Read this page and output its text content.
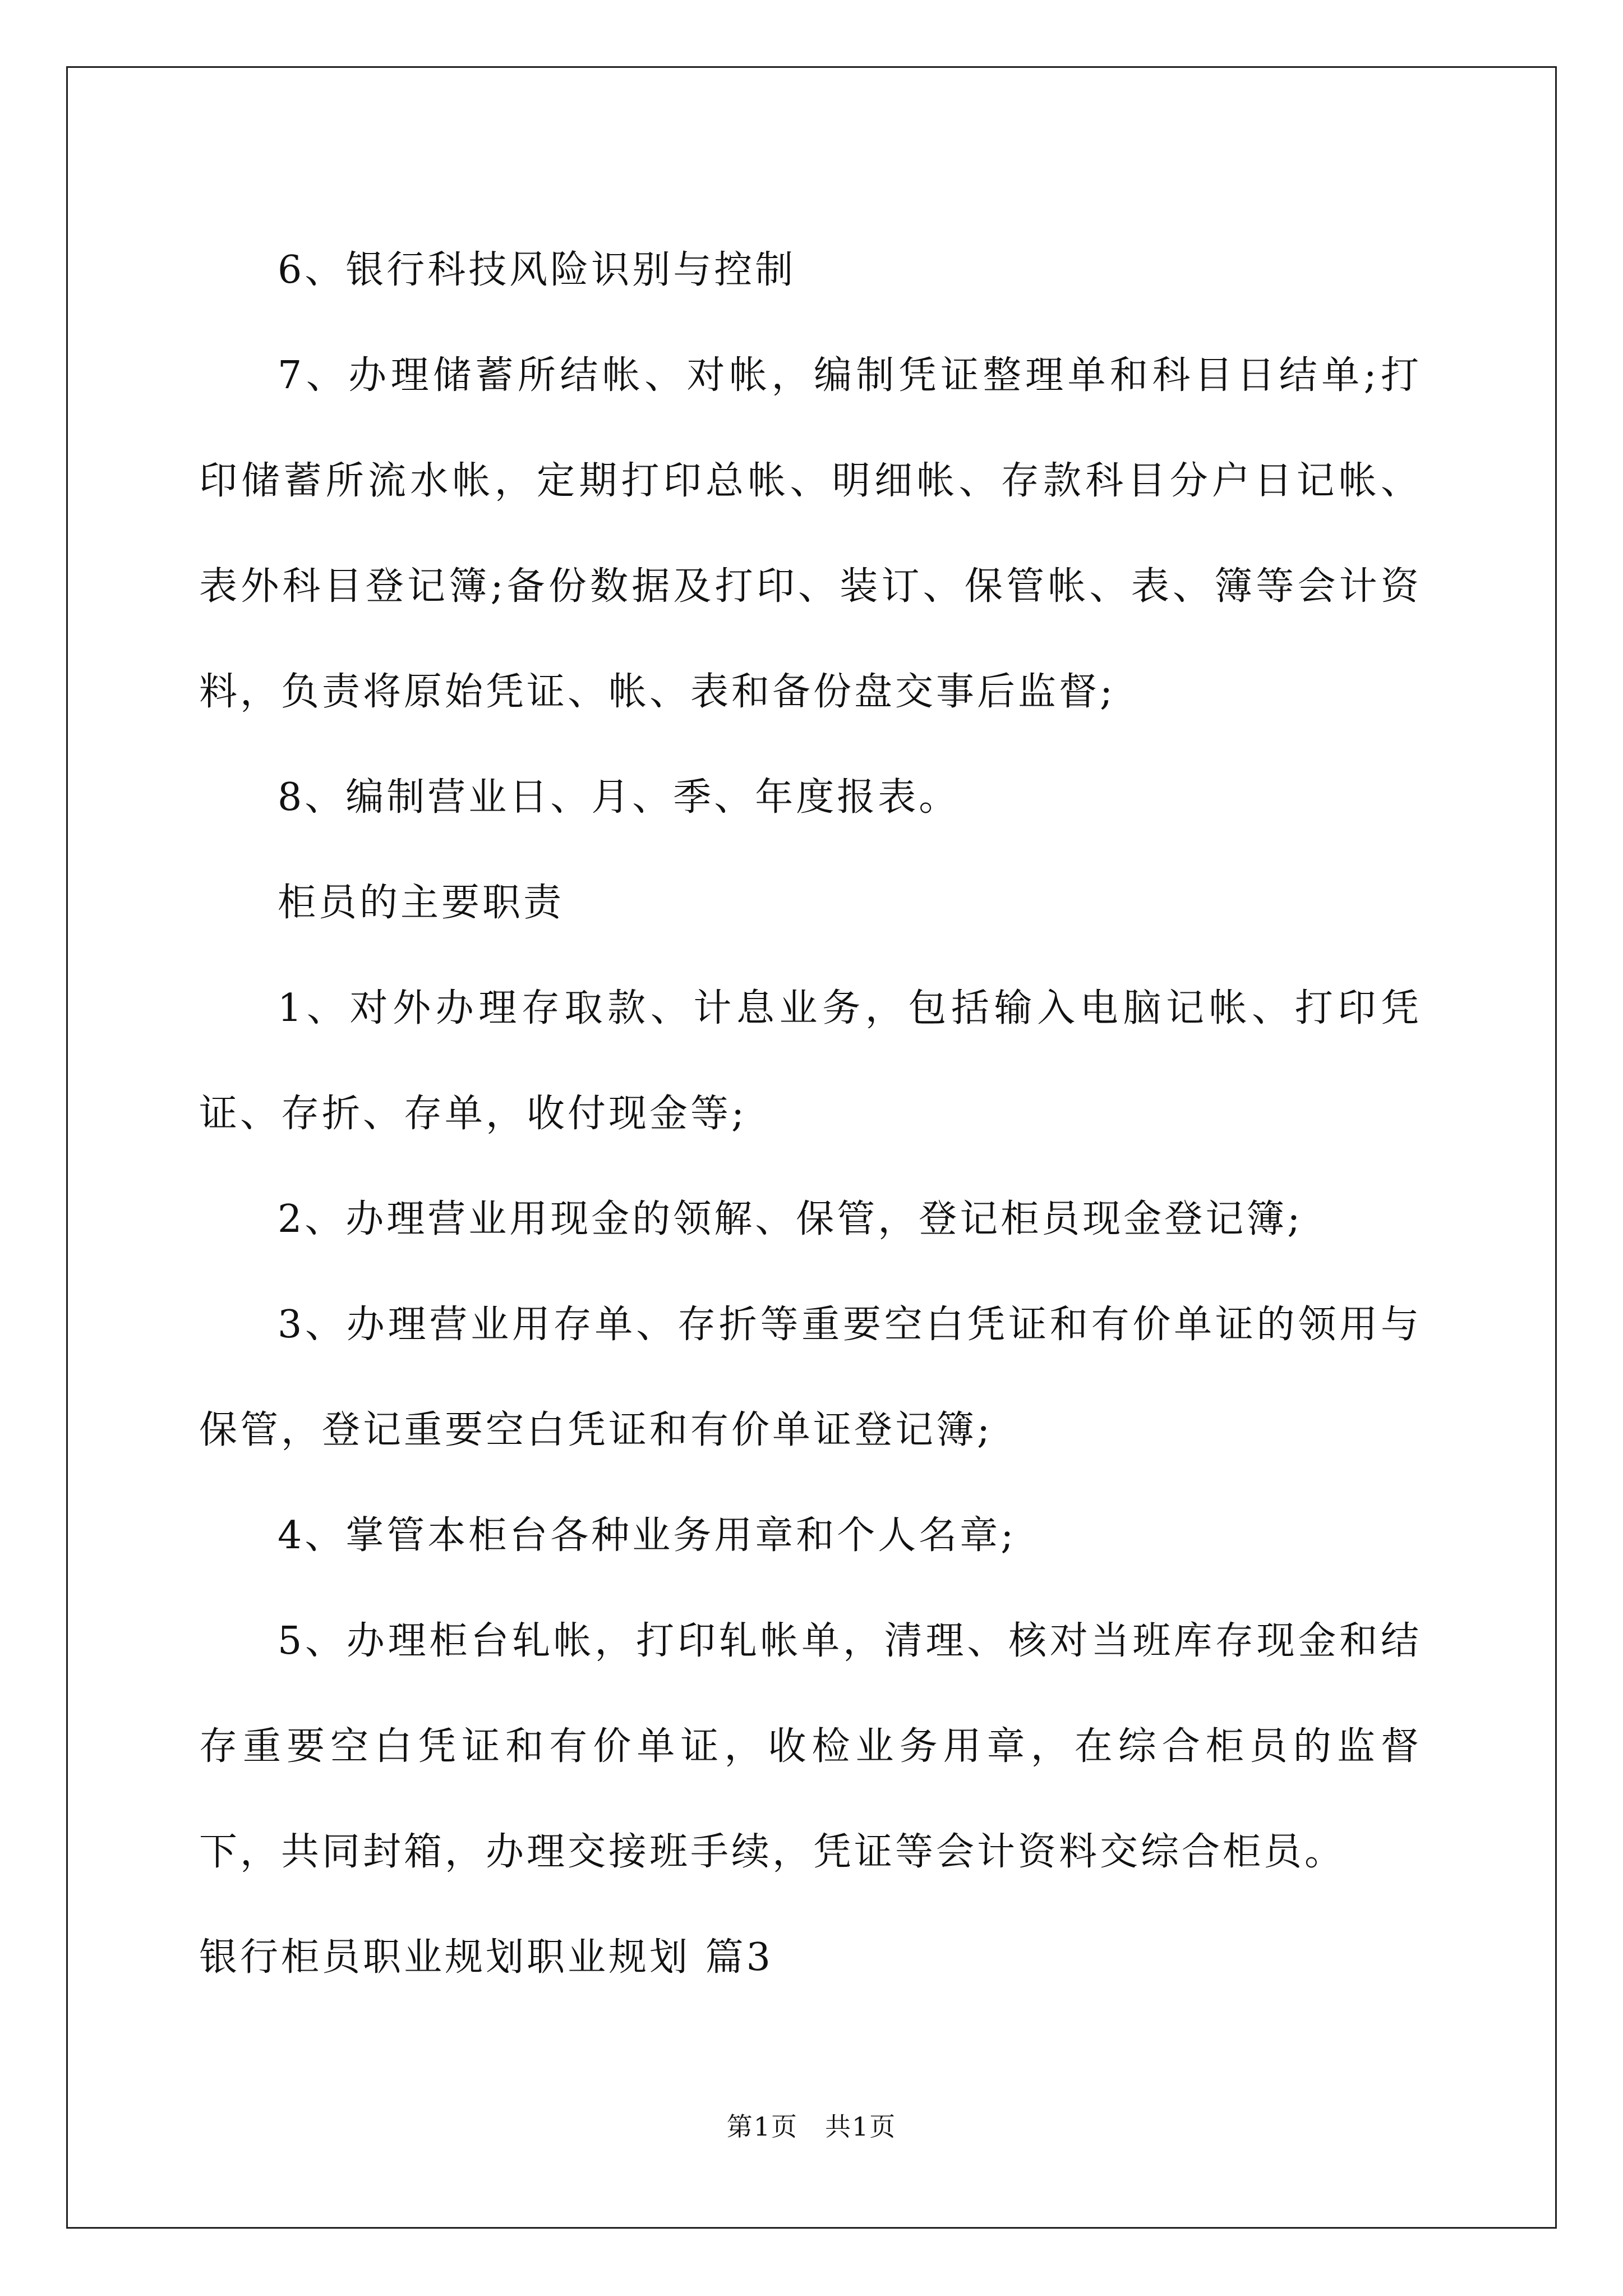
6、银行科技风险识别与控制

7、办理储蓄所结帐、对帐，编制凭证整理单和科目日结单;打印储蓄所流水帐，定期打印总帐、明细帐、存款科目分户日记帐、表外科目登记簿;备份数据及打印、装订、保管帐、表、簿等会计资料，负责将原始凭证、帐、表和备份盘交事后监督;

8、编制营业日、月、季、年度报表。

柜员的主要职责

1、对外办理存取款、计息业务，包括输入电脑记帐、打印凭证、存折、存单，收付现金等;

2、办理营业用现金的领解、保管，登记柜员现金登记簿;

3、办理营业用存单、存折等重要空白凭证和有价单证的领用与保管，登记重要空白凭证和有价单证登记簿;

4、掌管本柜台各种业务用章和个人名章;

5、办理柜台轧帐，打印轧帐单，清理、核对当班库存现金和结存重要空白凭证和有价单证，收检业务用章，在综合柜员的监督下，共同封箱，办理交接班手续，凭证等会计资料交综合柜员。

银行柜员职业规划职业规划 篇3

第1页　共1页
